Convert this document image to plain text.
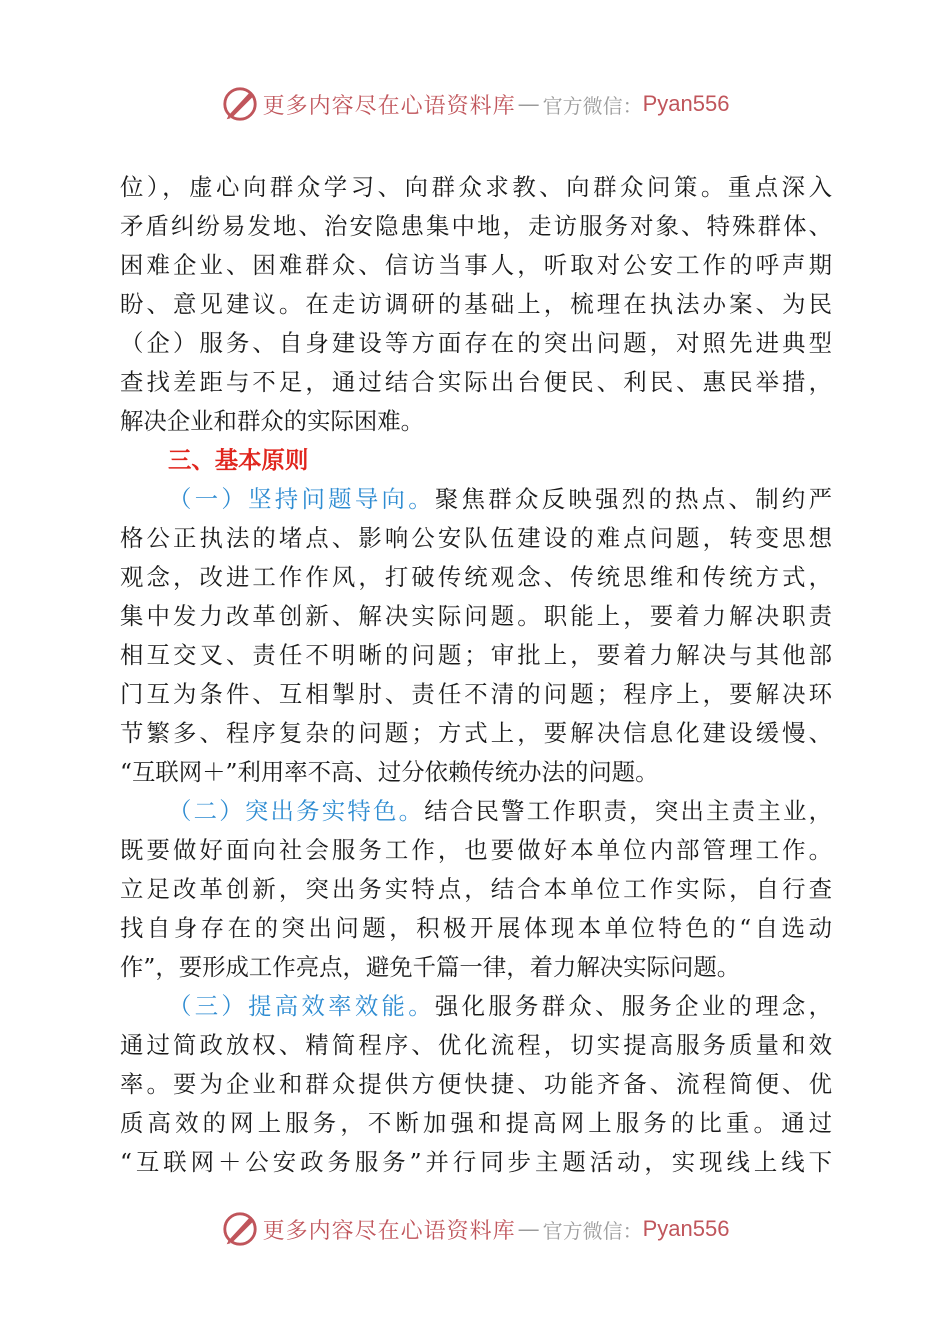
更多内容尽在心语资料库 — 官方微信： Pyan556
位），虚心向群众学习、向群众求教、向群众问策。重点深入
矛盾纠纷易发地、治安隐患集中地，走访服务对象、特殊群体、
困难企业、困难群众、信访当事人，听取对公安工作的呼声期
盼、意见建议。在走访调研的基础上，梳理在执法办案、为民
（企）服务、自身建设等方面存在的突出问题，对照先进典型
查找差距与不足，通过结合实际出台便民、利民、惠民举措，
解决企业和群众的实际困难。
三、基本原则
（一）坚持问题导向。聚焦群众反映强烈的热点、制约严
格公正执法的堵点、影响公安队伍建设的难点问题，转变思想
观念，改进工作作风，打破传统观念、传统思维和传统方式，
集中发力改革创新、解决实际问题。职能上，要着力解决职责
相互交叉、责任不明晰的问题；审批上，要着力解决与其他部
门互为条件、互相掣肘、责任不清的问题；程序上，要解决环
节繁多、程序复杂的问题；方式上，要解决信息化建设缓慢、
“互联网＋”利用率不高、过分依赖传统办法的问题。
（二）突出务实特色。结合民警工作职责，突出主责主业，
既要做好面向社会服务工作，也要做好本单位内部管理工作。
立足改革创新，突出务实特点，结合本单位工作实际，自行查
找自身存在的突出问题，积极开展体现本单位特色的“自选动
作”，要形成工作亮点，避免千篇一律，着力解决实际问题。
（三）提高效率效能。强化服务群众、服务企业的理念，
通过简政放权、精简程序、优化流程，切实提高服务质量和效
率。要为企业和群众提供方便快捷、功能齐备、流程简便、优
质高效的网上服务，不断加强和提高网上服务的比重。通过
“互联网＋公安政务服务”并行同步主题活动，实现线上线下
更多内容尽在心语资料库 — 官方微信： Pyan556
